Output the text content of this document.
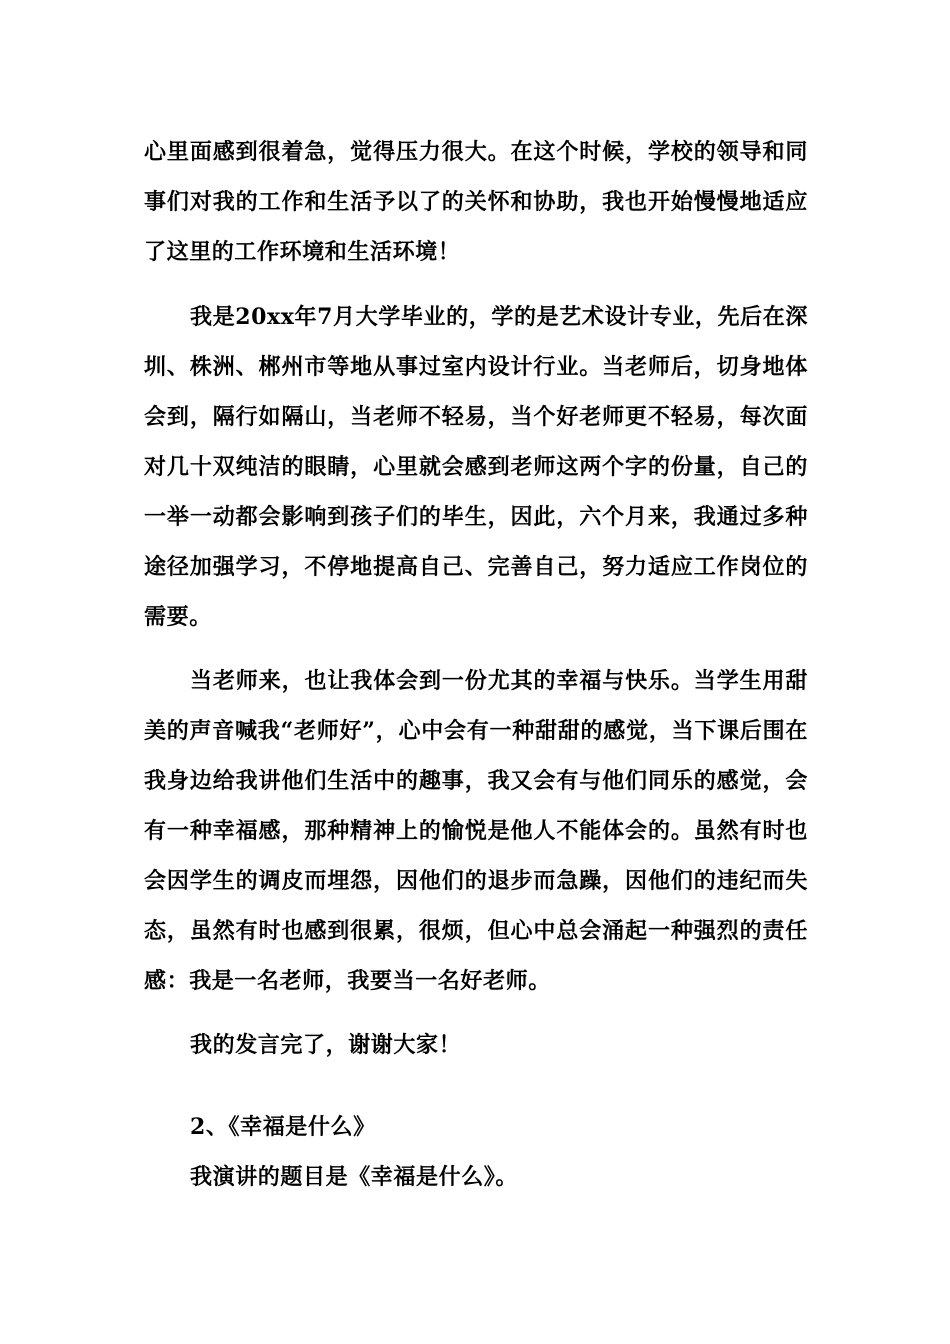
心里面感到很着急，觉得压力很大。在这个时候，学校的领导和同事们对我的工作和生活予以了的关怀和协助，我也开始慢慢地适应了这里的工作环境和生活环境！

我是20xx年7月大学毕业的，学的是艺术设计专业，先后在深圳、株洲、郴州市等地从事过室内设计行业。当老师后，切身地体会到，隔行如隔山，当老师不轻易，当个好老师更不轻易，每次面对几十双纯洁的眼睛，心里就会感到老师这两个字的份量，自己的一举一动都会影响到孩子们的毕生，因此，六个月来，我通过多种途径加强学习，不停地提高自己、完善自己，努力适应工作岗位的需要。

当老师来，也让我体会到一份尤其的幸福与快乐。当学生用甜美的声音喊我“老师好”，心中会有一种甜甜的感觉，当下课后围在我身边给我讲他们生活中的趣事，我又会有与他们同乐的感觉，会有一种幸福感，那种精神上的愉悦是他人不能体会的。虽然有时也会因学生的调皮而埋怨，因他们的退步而急躁，因他们的违纪而失态，虽然有时也感到很累，很烦，但心中总会涌起一种强烈的责任感：我是一名老师，我要当一名好老师。

我的发言完了，谢谢大家！

2、《幸福是什么》

我演讲的题目是《幸福是什么》。
